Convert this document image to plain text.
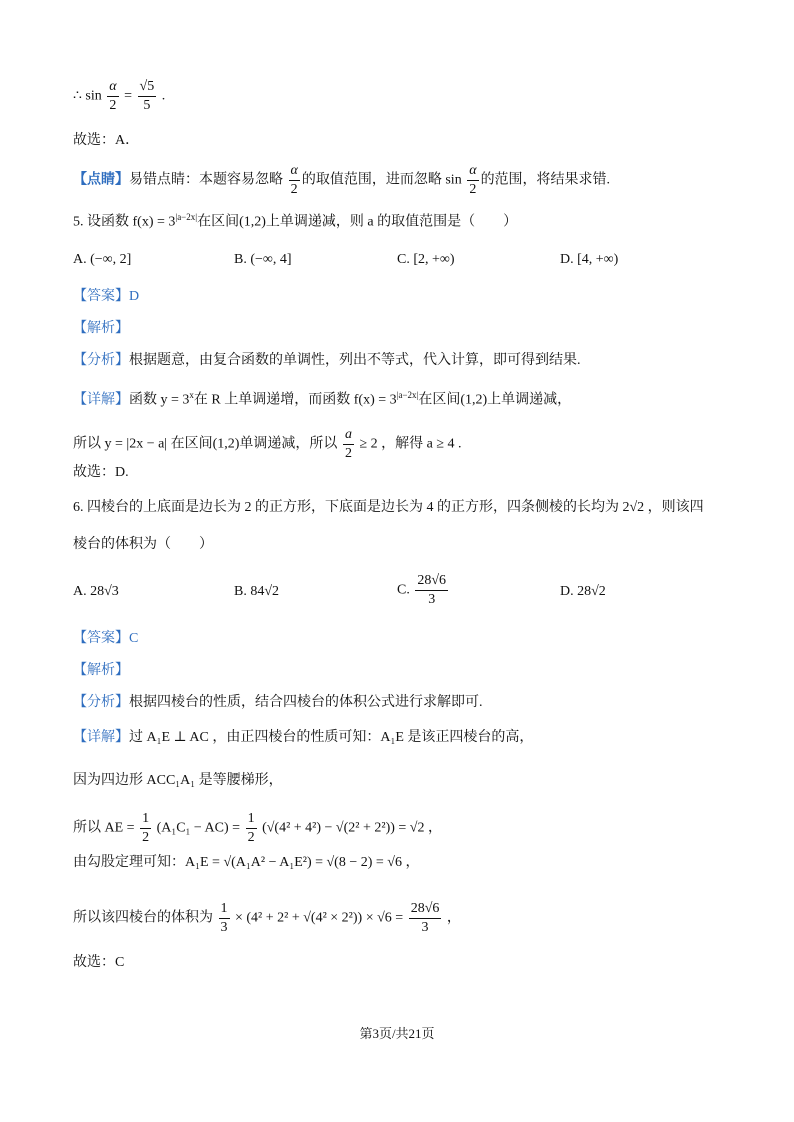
∴ $\sin \frac{\alpha}{2} = \frac{√5}{5}$ .
故选：A．
【点睛】易错点睛：本题容易忽略 $\frac{\alpha}{2}$ 的取值范围，进而忽略 $\sin \frac{\alpha}{2}$ 的范围，将结果求错.
5. 设函数 $f(x) = 3^{|a-2x|}$在区间(1,2)上单调递减，则 a 的取值范围是（　　）
A. (−∞, 2]	B. (−∞, 4]	C. [2, +∞)	D. [4, +∞)
【答案】D
【解析】
【分析】根据题意，由复合函数的单调性，列出不等式，代入计算，即可得到结果.
【详解】函数 $y = 3^x$在 R 上单调递增，而函数 $f(x) = 3^{|a-2x|}$在区间(1,2)上单调递减，
所以 y = |2x − a| 在区间(1,2)单调递减，所以 $\frac{a}{2} \ge 2$ ，解得 a ≥ 4 .
故选：D.
6. 四棱台的上底面是边长为 2 的正方形，下底面是边长为 4 的正方形，四条侧棱的长均为 2√2 ，则该四
棱台的体积为（　　）
A. 28√3	B. 84√2	C. $\frac{28√6}{3}$	D. 28√2
【答案】C
【解析】
【分析】根据四棱台的性质，结合四棱台的体积公式进行求解即可.
【详解】过 A₁E ⊥ AC ，由正四棱台的性质可知：A₁E 是该正四棱台的高，
因为四边形 ACC₁A₁ 是等腰梯形，
所以 AE = $\frac{1}{2} (A_1C_1 - AC) = \frac{1}{2} (√(4^2 + 4^2) - √(2^2 + 2^2)) = √2$ ，
由勾股定理可知：A₁E = √(A₁A² − A₁E²) = √(8 − 2) = √6 ，
所以该四棱台的体积为 $\frac{1}{3} \times (4^2 + 2^2 + √(4^2 \times 2^2)) \times √6 = \frac{28√6}{3}$ ，
故选：C
第3页/共21页
